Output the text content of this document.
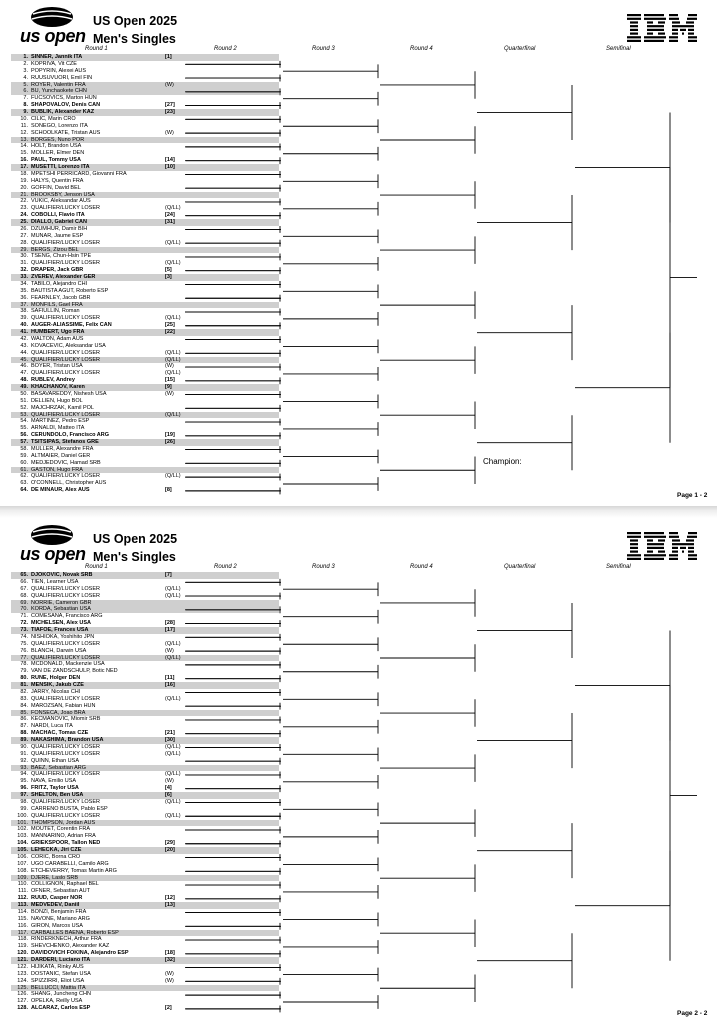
us open
US Open 2025
Men's Singles
Round 1	Round 2	Round 3	Round 4	Quarterfinal	Semifinal
1. SINNER, Jannik ITA	[1]
2. KOPRIVA, Vit CZE
3. POPYRIN, Alexei AUS
4. RUUSUVUORI, Emil FIN
5. ROYER, Valentin FRA	(W)
6. BU, Yunchaokete CHN
7. FUCSOVICS, Marton HUN
8. SHAPOVALOV, Denis CAN	[27]
9. BUBLIK, Alexander KAZ	[23]
10. CILIC, Marin CRO
11. SONEGO, Lorenzo ITA
12. SCHOOLKATE, Tristan AUS	(W)
13. BORGES, Nuno POR
14. HOLT, Brandon USA
15. MOLLER, Elmer DEN
16. PAUL, Tommy USA	[14]
17. MUSETTI, Lorenzo ITA	[10]
18. MPETSHI PERRICARD, Giovanni FRA
19. HALYS, Quentin FRA
20. GOFFIN, David BEL
21. BROOKSBY, Jenson USA
22. VUKIC, Aleksandar AUS
23. QUALIFIER/LUCKY LOSER	(Q/LL)
24. COBOLLI, Flavio ITA	[24]
25. DIALLO, Gabriel CAN	[31]
26. DZUMHUR, Damir BIH
27. MUNAR, Jaume ESP
28. QUALIFIER/LUCKY LOSER	(Q/LL)
29. BERGS, Zizou BEL
30. TSENG, Chun-Hsin TPE
31. QUALIFIER/LUCKY LOSER	(Q/LL)
32. DRAPER, Jack GBR	[5]
33. ZVEREV, Alexander GER	[3]
34. TABILO, Alejandro CHI
35. BAUTISTA AGUT, Roberto ESP
36. FEARNLEY, Jacob GBR
37. MONFILS, Gael FRA
38. SAFIULLIN, Roman
39. QUALIFIER/LUCKY LOSER	(Q/LL)
40. AUGER-ALIASSIME, Felix CAN	[25]
41. HUMBERT, Ugo FRA	[22]
42. WALTON, Adam AUS
43. KOVACEVIC, Aleksandar USA
44. QUALIFIER/LUCKY LOSER	(Q/LL)
45. QUALIFIER/LUCKY LOSER	(Q/LL)
46. BOYER, Tristan USA	(W)
47. QUALIFIER/LUCKY LOSER	(Q/LL)
48. RUBLEV, Andrey	[15]
49. KHACHANOV, Karen	[9]
50. BASAVAREDDY, Nishesh USA	(W)
51. DELLIEN, Hugo BOL
52. MAJCHRZAK, Kamil POL
53. QUALIFIER/LUCKY LOSER	(Q/LL)
54. MARTINEZ, Pedro ESP
55. ARNALDI, Matteo ITA
56. CERUNDOLO, Francisco ARG	[19]
57. TSITSIPAS, Stefanos GRE	[26]
58. MULLER, Alexandre FRA
59. ALTMAIER, Daniel GER
60. MEDJEDOVIC, Hamad SRB
61. GASTON, Hugo FRA
62. QUALIFIER/LUCKY LOSER	(Q/LL)
63. O'CONNELL, Christopher AUS
64. DE MINAUR, Alex AUS	[8]
Champion:
Page 1 - 2
us open
US Open 2025
Men's Singles
Round 1	Round 2	Round 3	Round 4	Quarterfinal	Semifinal
65. DJOKOVIC, Novak SRB	[7]
66. TIEN, Learner USA
67. QUALIFIER/LUCKY LOSER	(Q/LL)
68. QUALIFIER/LUCKY LOSER	(Q/LL)
69. NORRIE, Cameron GBR
70. KORDA, Sebastian USA
71. COMESANA, Francisco ARG
72. MICHELSEN, Alex USA	[28]
73. TIAFOE, Frances USA	[17]
74. NISHIOKA, Yoshihito JPN
75. QUALIFIER/LUCKY LOSER	(Q/LL)
76. BLANCH, Darwin USA	(W)
77. QUALIFIER/LUCKY LOSER	(Q/LL)
78. MCDONALD, Mackenzie USA
79. VAN DE ZANDSCHULP, Botic NED
80. RUNE, Holger DEN	[11]
81. MENSIK, Jakub CZE	[16]
82. JARRY, Nicolas CHI
83. QUALIFIER/LUCKY LOSER	(Q/LL)
84. MAROZSAN, Fabian HUN
85. FONSECA, Joao BRA
86. KECMANOVIC, Miomir SRB
87. NARDI, Luca ITA
88. MACHAC, Tomas CZE	[21]
89. NAKASHIMA, Brandon USA	[30]
90. QUALIFIER/LUCKY LOSER	(Q/LL)
91. QUALIFIER/LUCKY LOSER	(Q/LL)
92. QUINN, Ethan USA
93. BAEZ, Sebastian ARG
94. QUALIFIER/LUCKY LOSER	(Q/LL)
95. NAVA, Emilio USA	(W)
96. FRITZ, Taylor USA	[4]
97. SHELTON, Ben USA	[6]
98. QUALIFIER/LUCKY LOSER	(Q/LL)
99. CARRENO BUSTA, Pablo ESP
100. QUALIFIER/LUCKY LOSER	(Q/LL)
101. THOMPSON, Jordan AUS
102. MOUTET, Corentin FRA
103. MANNARINO, Adrian FRA
104. GRIEKSPOOR, Tallon NED	[29]
105. LEHECKA, Jiri CZE	[20]
106. CORIC, Borna CRO
107. UGO CARABELLI, Camilo ARG
108. ETCHEVERRY, Tomas Martin ARG
109. DJERE, Laslo SRB
110. COLLIGNON, Raphael BEL
111. OFNER, Sebastian AUT
112. RUUD, Casper NOR	[12]
113. MEDVEDEV, Daniil	[13]
114. BONZI, Benjamin FRA
115. NAVONE, Mariano ARG
116. GIRON, Marcos USA
117. CARBALLES BAENA, Roberto ESP
118. RINDERKNECH, Arthur FRA
119. SHEVCHENKO, Alexander KAZ
120. DAVIDOVICH FOKINA, Alejandro ESP	[18]
121. DARDERI, Luciano ITA	[32]
122. HIJIKATA, Rinky AUS
123. DOSTANIC, Stefan USA	(W)
124. SPIZZIRRI, Eliot USA	(W)
125. BELLUCCI, Mattia ITA
126. SHANG, Juncheng CHN
127. OPELKA, Reilly USA
128. ALCARAZ, Carlos ESP	[2]
Page 2 - 2
